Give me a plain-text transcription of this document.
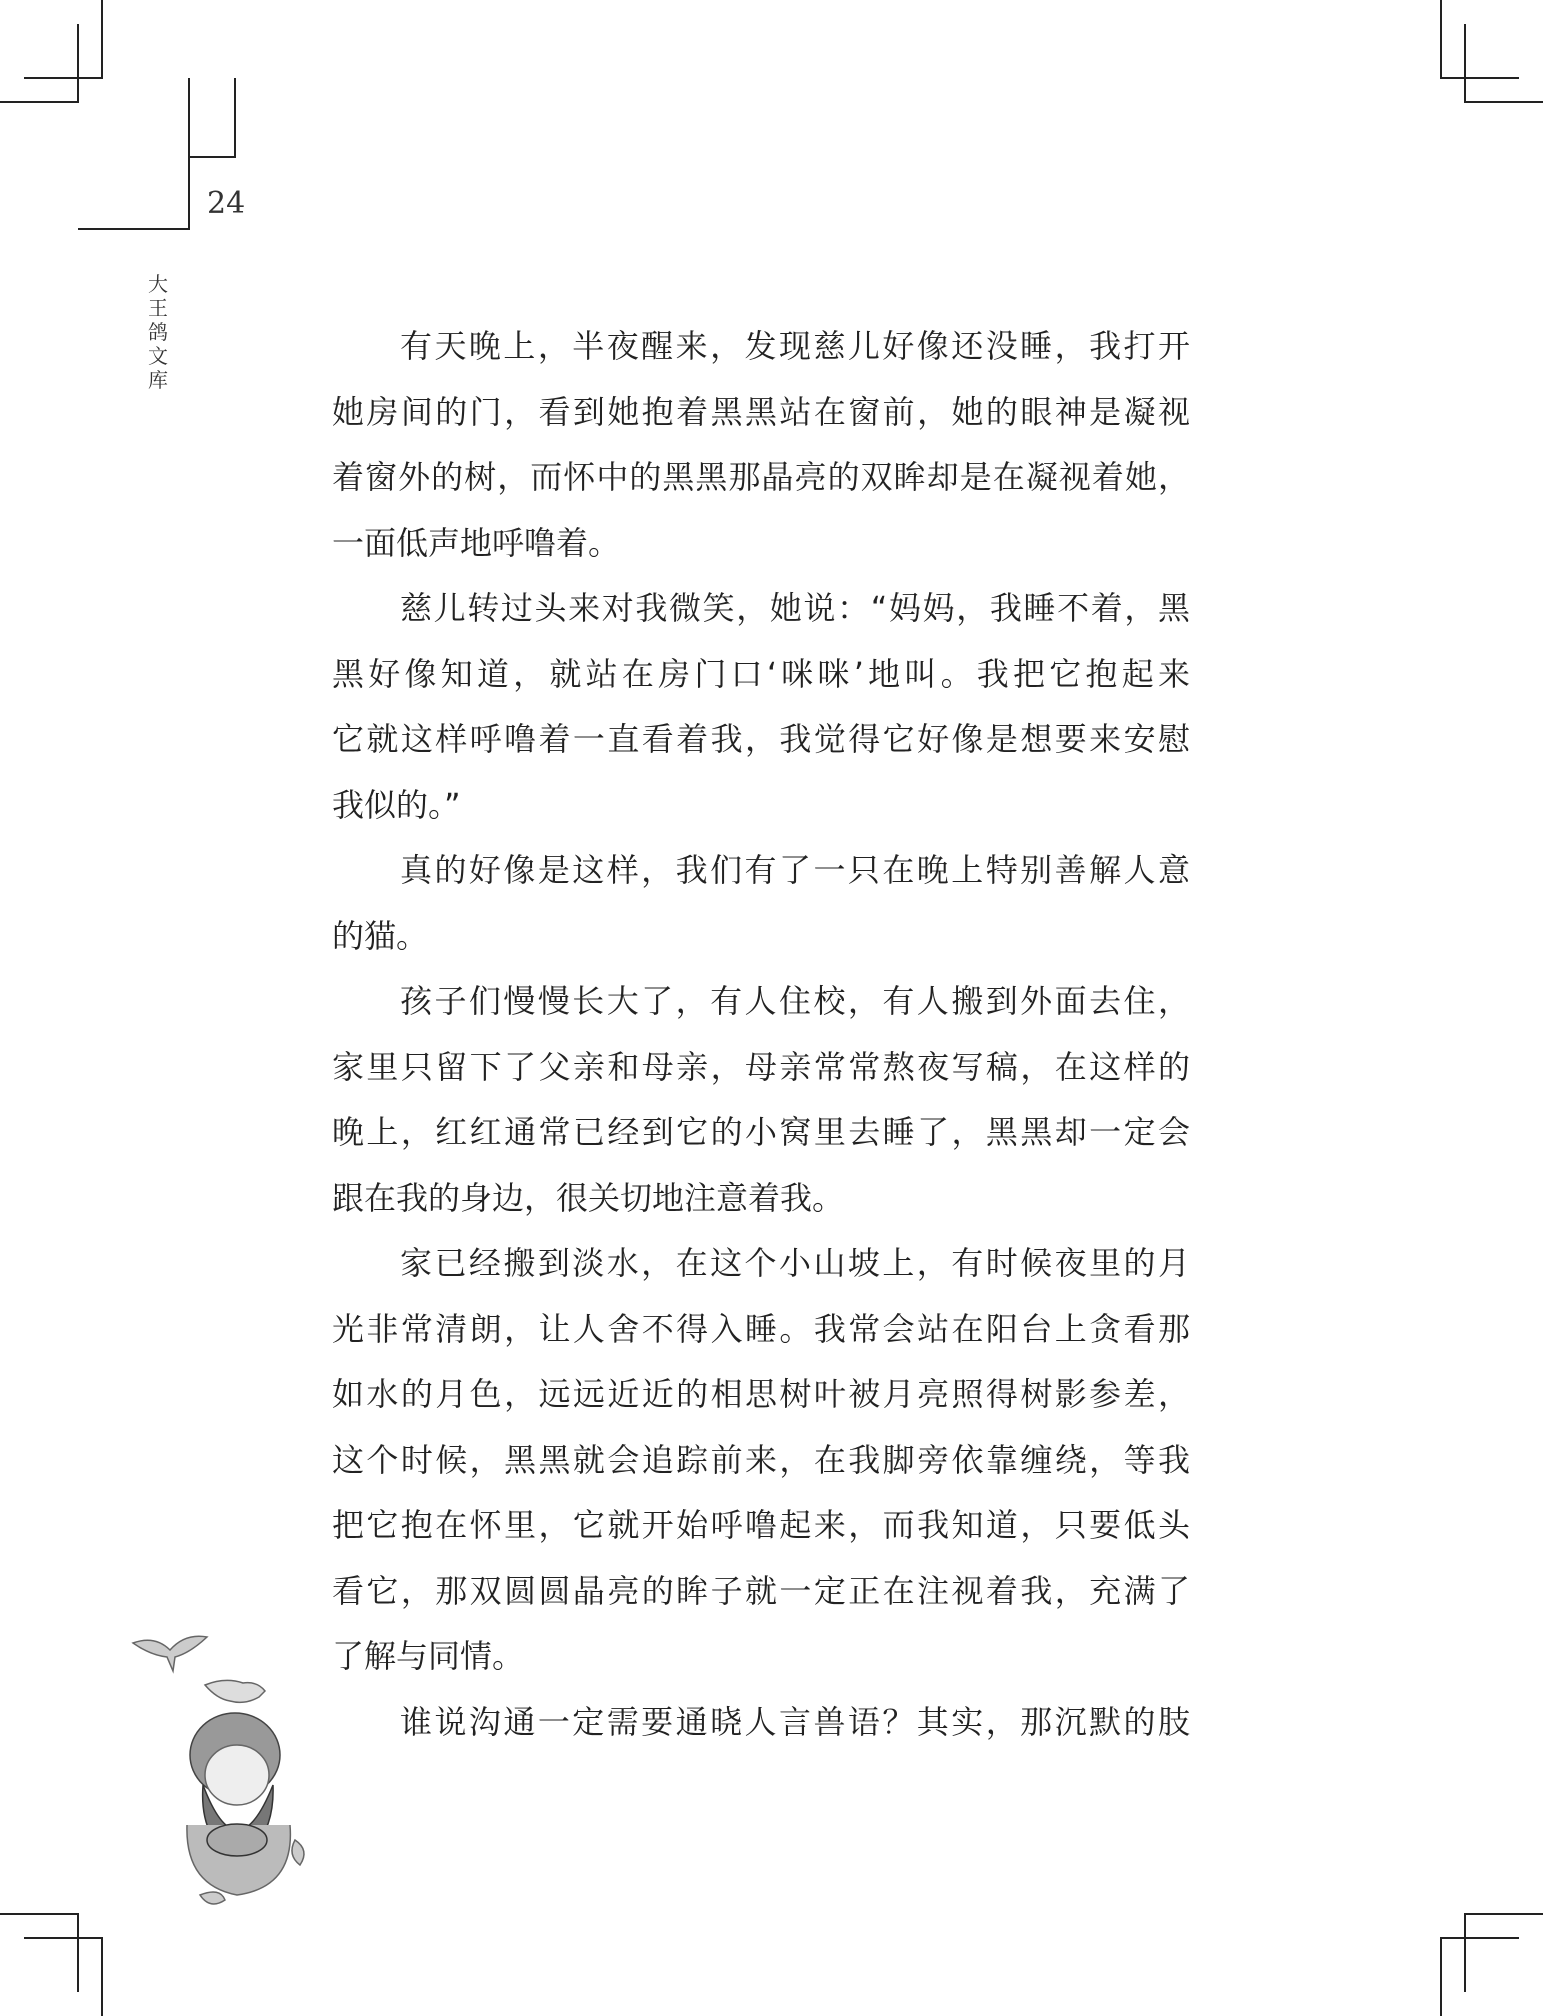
24
大王鸽文库
有天晚上，半夜醒来，发现慈儿好像还没睡，我打开
她房间的门，看到她抱着黑黑站在窗前，她的眼神是凝视
着窗外的树，而怀中的黑黑那晶亮的双眸却是在凝视着她，
一面低声地呼噜着。
慈儿转过头来对我微笑，她说：“妈妈，我睡不着，黑
黑好像知道，就站在房门口‘咪咪’地叫。我把它抱起来
它就这样呼噜着一直看着我，我觉得它好像是想要来安慰
我似的。”
真的好像是这样，我们有了一只在晚上特别善解人意
的猫。
孩子们慢慢长大了，有人住校，有人搬到外面去住，
家里只留下了父亲和母亲，母亲常常熬夜写稿，在这样的
晚上，红红通常已经到它的小窝里去睡了，黑黑却一定会
跟在我的身边，很关切地注意着我。
家已经搬到淡水，在这个小山坡上，有时候夜里的月
光非常清朗，让人舍不得入睡。我常会站在阳台上贪看那
如水的月色，远远近近的相思树叶被月亮照得树影参差，
这个时候，黑黑就会追踪前来，在我脚旁依靠缠绕，等我
把它抱在怀里，它就开始呼噜起来，而我知道，只要低头
看它，那双圆圆晶亮的眸子就一定正在注视着我，充满了
了解与同情。
谁说沟通一定需要通晓人言兽语？其实，那沉默的肢
